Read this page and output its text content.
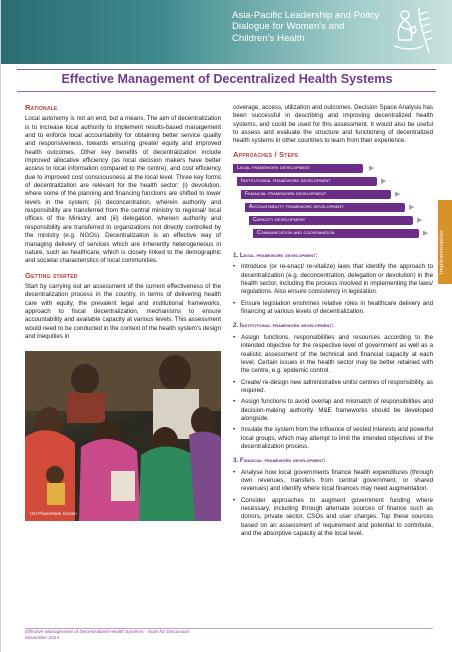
Asia-Pacific Leadership and Policy Dialogue for Women's and Children's Health
Effective Management of Decentralized Health Systems
Implementation
Rationale

Local autonomy is not an end, but a means. The aim of decentralization is to increase local authority to implement results-based management and to enforce local accountability for obtaining better service quality and responsiveness, towards ensuring greater equity and improved health outcomes. Other key benefits of decentralization include improved allocative efficiency (as local decision makers have better access to local information compared to the centre), and cost efficiency due to improved cost consciousness at the local level. Three key forms of decentralization are relevant for the health sector: (i) devolution, where some of the planning and financing functions are shifted to lower levels in the system; (ii) deconcentration, wherein authority and responsibility are transferred from the central ministry to regional/ local offices of the Ministry; and (iii) delegation, wherein authority and responsibility are transferred to organizations not directly controlled by the ministry (e.g. NGOs). Decentralization is an effective way of managing delivery of services which are inherently heterogeneous in nature, such as healthcare, which is closely linked to the demographic and societal characteristics of local communities.

Getting started

Start by carrying out an assessment of the current effectiveness of the decentralization process in the country, in terms of delivering health care with equity, the prevalent legal and institutional frameworks, approach to fiscal decentralization, mechanisms to ensure accountability and available capacity at various levels. This assessment would need to be conducted in the context of the health system's design and inequities in

UN Photo/Mark Garten

coverage, access, utilization and outcomes. Decision Space Analysis has been successful in describing and improving decentralized health systems, and could be used for this assessment. It would also be useful to assess and evaluate the structure and functioning of decentralized health systems in other countries to learn from their experience.

Approaches / Steps
Legal framework development	▶
Institutional framework development	▶
Financial framework development	▶
Accountability framework development	▶
Capacity development	▶
Communication and coordination	▶
1. Legal framework development:
• Introduce (or re-enact/ re-vitalize) laws that identify the approach to decentralization (e.g. deconcentration, delegation or devolution) in the health sector, including the process involved in implementing the laws/ regulations. Also ensure consistency in legislation.
• Ensure legislation enshrines relative roles in healthcare delivery and financing at various levels of decentralization.
2. Institutional framework development:
• Assign functions, responsibilities and resources according to the intended objective for the respective level of government as well as a realistic assessment of the technical and financial capacity at each level. Certain issues in the health sector may be better retained with the centre, e.g. epidemic control.
• Create/ re-design new administrative units/ centres of responsibility, as required.
• Assign functions to avoid overlap and mismatch of responsibilities and decision-making authority. M&E frameworks should be developed alongside.
• Insulate the system from the influence of vested interests and powerful local groups, which may attempt to limit the intended objectives of the decentralization process.
3. Financial framework development:
• Analyse how local governments finance health expenditures (through own revenues, transfers from central government, or shared revenues) and identify where local finances may need augmentation.
• Consider approaches to augment government funding where necessary, including through alternate sources of finance such as donors, private sector, CSOs and user charges. Top these sources based on an assessment of requirement and potential to contribute, and the absorptive capacity at the local level.
Effective Management of Decentralized Health Systems - Note for Discussion
November 2013
